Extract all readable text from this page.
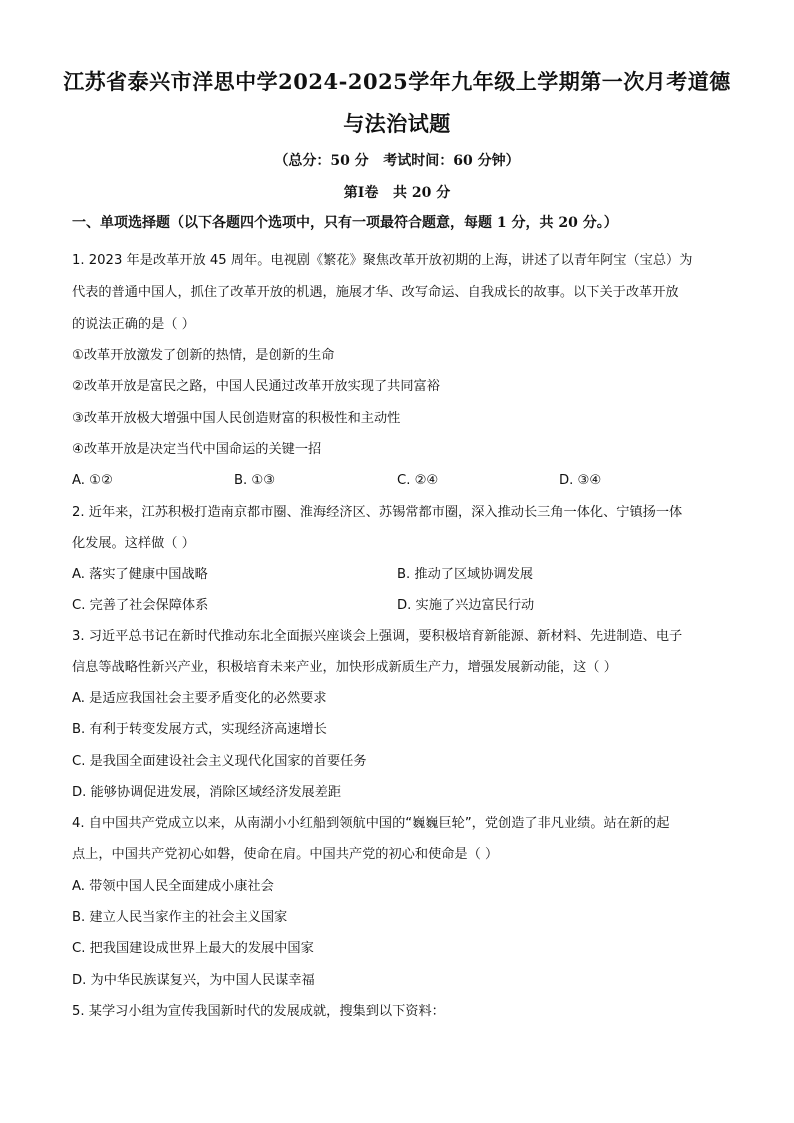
江苏省泰兴市洋思中学2024-2025学年九年级上学期第一次月考道德
与法治试题
（总分：50 分   考试时间：60 分钟）
第Ⅰ卷   共 20 分
一、单项选择题（以下各题四个选项中，只有一项最符合题意，每题 1 分，共 20 分。）
1. 2023 年是改革开放 45 周年。电视剧《繁花》聚焦改革开放初期的上海，讲述了以青年阿宝（宝总）为
代表的普通中国人，抓住了改革开放的机遇，施展才华、改写命运、自我成长的故事。以下关于改革开放
的说法正确的是（ ）
①改革开放激发了创新的热情，是创新的生命
②改革开放是富民之路，中国人民通过改革开放实现了共同富裕
③改革开放极大增强中国人民创造财富的积极性和主动性
④改革开放是决定当代中国命运的关键一招
A. ①②	B. ①③	C. ②④	D. ③④
2. 近年来，江苏积极打造南京都市圈、淮海经济区、苏锡常都市圈，深入推动长三角一体化、宁镇扬一体
化发展。这样做（ ）
A. 落实了健康中国战略	B. 推动了区域协调发展
C. 完善了社会保障体系	D. 实施了兴边富民行动
3. 习近平总书记在新时代推动东北全面振兴座谈会上强调，要积极培育新能源、新材料、先进制造、电子
信息等战略性新兴产业，积极培育未来产业，加快形成新质生产力，增强发展新动能，这（ ）
A. 是适应我国社会主要矛盾变化的必然要求
B. 有利于转变发展方式，实现经济高速增长
C. 是我国全面建设社会主义现代化国家的首要任务
D. 能够协调促进发展，消除区域经济发展差距
4. 自中国共产党成立以来，从南湖小小红船到领航中国的“巍巍巨轮”，党创造了非凡业绩。站在新的起
点上，中国共产党初心如磐，使命在肩。中国共产党的初心和使命是（ ）
A. 带领中国人民全面建成小康社会
B. 建立人民当家作主的社会主义国家
C. 把我国建设成世界上最大的发展中国家
D. 为中华民族谋复兴，为中国人民谋幸福
5. 某学习小组为宣传我国新时代的发展成就，搜集到以下资料：
